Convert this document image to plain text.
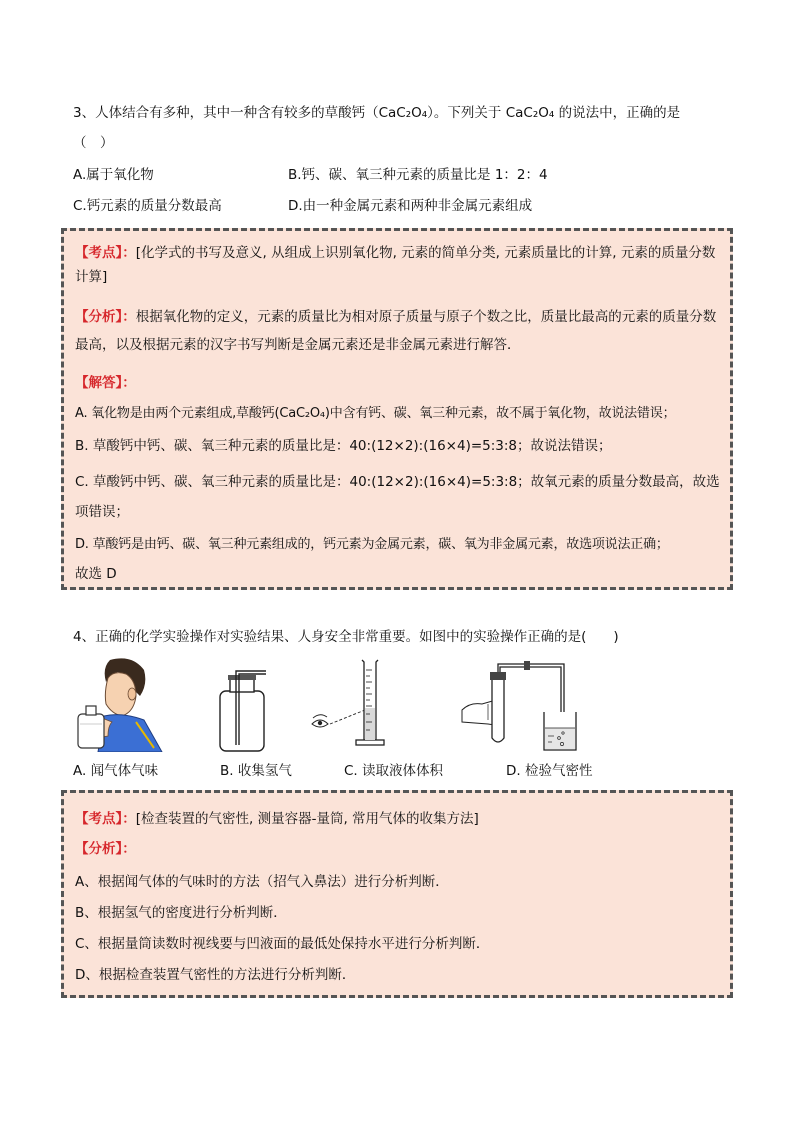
3、人体结合有多种，其中一种含有较多的草酸钙（CaC₂O₄）。下列关于 CaC₂O₄ 的说法中，正确的是
（　）
A.属于氧化物	B.钙、碳、氧三种元素的质量比是 1：2：4
C.钙元素的质量分数最高	D.由一种金属元素和两种非金属元素组成
【考点】：[化学式的书写及意义, 从组成上识别氧化物, 元素的简单分类, 元素质量比的计算, 元素的质量分数计算]
【分析】：根据氧化物的定义，元素的质量比为相对原子质量与原子个数之比，质量比最高的元素的质量分数最高，以及根据元素的汉字书写判断是金属元素还是非金属元素进行解答．
【解答】：
A. 氧化物是由两个元素组成,草酸钙(CaC₂O₄)中含有钙、碳、氧三种元素，故不属于氧化物，故说法错误；
B. 草酸钙中钙、碳、氧三种元素的质量比是：40:(12×2):(16×4)=5:3:8；故说法错误；
C. 草酸钙中钙、碳、氧三种元素的质量比是：40:(12×2):(16×4)=5:3:8；故氧元素的质量分数最高，故选项错误；
D. 草酸钙是由钙、碳、氧三种元素组成的，钙元素为金属元素，碳、氧为非金属元素，故选项说法正确；
故选 D
4、正确的化学实验操作对实验结果、人身安全非常重要。如图中的实验操作正确的是(　　)
A. 闻气体气味	B. 收集氢气	C. 读取液体体积	D. 检验气密性
【考点】：[检查装置的气密性, 测量容器-量筒, 常用气体的收集方法]
【分析】：
A、根据闻气体的气味时的方法（招气入鼻法）进行分析判断．
B、根据氢气的密度进行分析判断．
C、根据量筒读数时视线要与凹液面的最低处保持水平进行分析判断．
D、根据检查装置气密性的方法进行分析判断．
